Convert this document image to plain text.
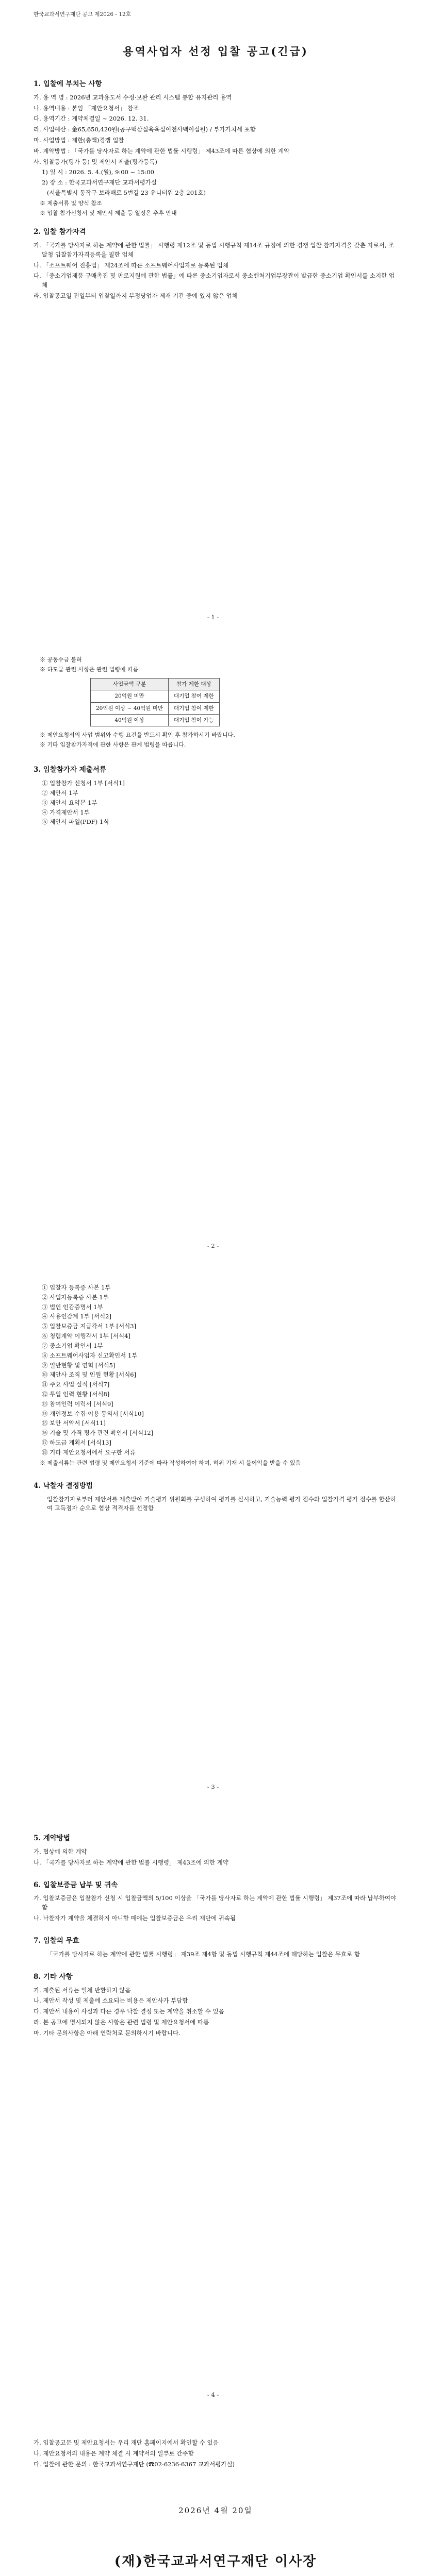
한국교과서연구재단 공고 제2026 - 12호
용역사업자 선정 입찰 공고(긴급)
1. 입찰에 부치는 사항
가. 용 역 명 : 2026년 교과용도서 수정·보완 관리 시스템 통합 유지관리 용역
나. 용역내용 : 붙임 「제안요청서」 참조
다. 용역기간 : 계약체결일 ~ 2026. 12. 31.
라. 사업예산 : 金65,650,420원(공구백삼십육육십이천사백이십원) / 부가가치세 포함
마. 사업방법 : 제한(총액)경쟁 입찰
바. 계약방법 : 「국가를 당사자로 하는 계약에 관한 법률 시행령」 제43조에 따른 협상에 의한 계약
사. 입찰등가(평가 등) 및 제안서 제출(평가등록)
1) 일 시 : 2026. 5. 4.(월), 9:00 ~ 15:00
2) 장 소 : 한국교과서연구재단 교과서평가실
(서울특별시 동작구 보라매로 5번길 23 유니터워 2층 201호)
※ 제출서류 및 양식 참조
※ 입찰 참가신청서 및 제안서 제출 등 일정은 추후 안내
2. 입찰 참가자격
가. 「국가를 당사자로 하는 계약에 관한 법률」 시행령 제12조 및 동법 시행규칙 제14조 규정에 의한 경쟁 입찰 참가자격을 갖춘 자로서, 조달청 입찰참가자격등록을 필한 업체
나. 「소프트웨어 진흥법」 제24조에 따른 소프트웨어사업자로 등록된 업체
다. 「중소기업제품 구매촉진 및 판로지원에 관한 법률」에 따른 중소기업자로서 중소벤처기업부장관이 발급한 중소기업 확인서를 소지한 업체
라. 입찰공고일 전일부터 입찰일까지 부정당업자 제재 기간 중에 있지 않은 업체
- 1 -
※ 공동수급 불허
※ 하도급 관련 사항은 관련 법령에 따름
사업금액 구분	참가 제한 대상
20억원 미만	대기업 참여 제한
20억원 이상 ~ 40억원 미만	대기업 참여 제한
40억원 이상	대기업 참여 가능
※ 제안요청서의 사업 범위와 수행 요건을 반드시 확인 후 참가하시기 바랍니다.
※ 기타 입찰참가자격에 관한 사항은 관계 법령을 따릅니다.
3. 입찰참가자 제출서류
① 입찰참가 신청서 1부 [서식1]
② 제안서 1부
③ 제안서 요약본 1부
④ 가격제안서 1부
⑤ 제안서 파일(PDF) 1식
- 2 -
① 입찰자 등록증 사본 1부
② 사업자등록증 사본 1부
③ 법인 인감증명서 1부
④ 사용인감계 1부 [서식2]
⑤ 입찰보증금 지급각서 1부 [서식3]
⑥ 청렴계약 이행각서 1부 [서식4]
⑦ 중소기업 확인서 1부
⑧ 소프트웨어사업자 신고확인서 1부
⑨ 일반현황 및 연혁 [서식5]
⑩ 제안사 조직 및 인원 현황 [서식6]
⑪ 주요 사업 실적 [서식7]
⑫ 투입 인력 현황 [서식8]
⑬ 참여인력 이력서 [서식9]
⑭ 개인정보 수집·이용 동의서 [서식10]
⑮ 보안 서약서 [서식11]
⑯ 기술 및 가격 평가 관련 확인서 [서식12]
⑰ 하도급 계획서 [서식13]
⑱ 기타 제안요청서에서 요구한 서류
※ 제출서류는 관련 법령 및 제안요청서 기준에 따라 작성하여야 하며, 허위 기재 시 불이익을 받을 수 있음
4. 낙찰자 결정방법
입찰참가자로부터 제안서를 제출받아 기술평가 위원회를 구성하여 평가를 실시하고, 기술능력 평가 점수와 입찰가격 평가 점수를 합산하여 고득점자 순으로 협상 적격자를 선정함
- 3 -
5. 계약방법
가. 협상에 의한 계약
나. 「국가를 당사자로 하는 계약에 관한 법률 시행령」 제43조에 의한 계약
6. 입찰보증금 납부 및 귀속
가. 입찰보증금은 입찰참가 신청 시 입찰금액의 5/100 이상을 「국가를 당사자로 하는 계약에 관한 법률 시행령」 제37조에 따라 납부하여야 함
나. 낙찰자가 계약을 체결하지 아니할 때에는 입찰보증금은 우리 재단에 귀속됨
7. 입찰의 무효
「국가를 당사자로 하는 계약에 관한 법률 시행령」 제39조 제4항 및 동법 시행규칙 제44조에 해당하는 입찰은 무효로 함
8. 기타 사항
가. 제출된 서류는 일체 반환하지 않음
나. 제안서 작성 및 제출에 소요되는 비용은 제안사가 부담함
다. 제안서 내용이 사실과 다른 경우 낙찰 결정 또는 계약을 취소할 수 있음
라. 본 공고에 명시되지 않은 사항은 관련 법령 및 제안요청서에 따름
마. 기타 문의사항은 아래 연락처로 문의하시기 바랍니다.
- 4 -
가. 입찰공고문 및 제안요청서는 우리 재단 홈페이지에서 확인할 수 있음
나. 제안요청서의 내용은 계약 체결 시 계약서의 일부로 간주함
다. 입찰에 관한 문의 : 한국교과서연구재단 (☎02-6236-6367 교과서평가실)
2026년 4월 20일
(재)한국교과서연구재단 이사장
